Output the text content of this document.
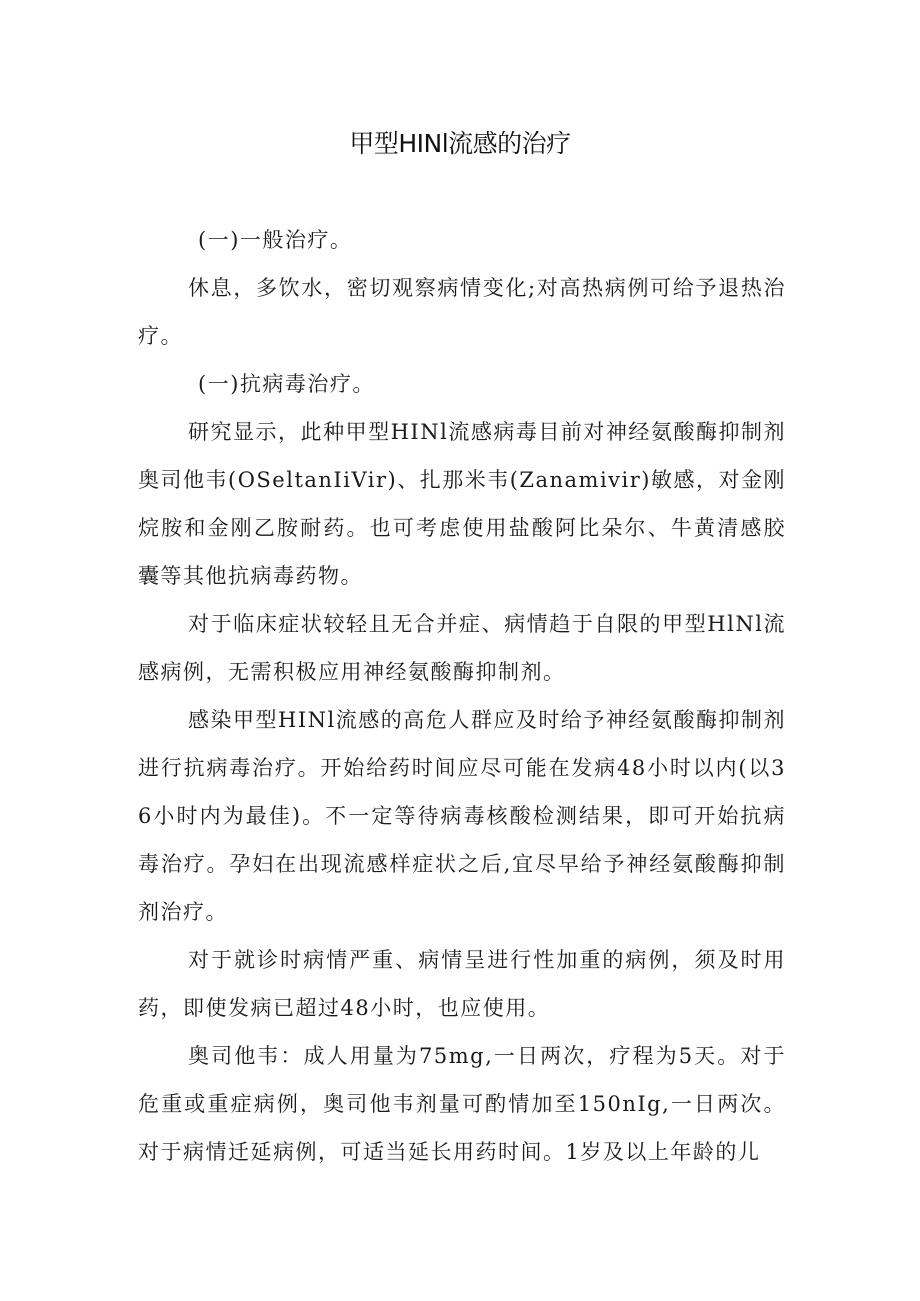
甲型HINl流感的治疗

(一)一般治疗。

休息，多饮水，密切观察病情变化;对高热病例可给予退热治疗。

(一)抗病毒治疗。

研究显示，此种甲型HINl流感病毒目前对神经氨酸酶抑制剂奥司他韦(OSeltanIiVir)、扎那米韦(Zanamivir)敏感，对金刚烷胺和金刚乙胺耐药。也可考虑使用盐酸阿比朵尔、牛黄清感胶囊等其他抗病毒药物。

对于临床症状较轻且无合并症、病情趋于自限的甲型HlNl流感病例，无需积极应用神经氨酸酶抑制剂。

感染甲型HINl流感的高危人群应及时给予神经氨酸酶抑制剂进行抗病毒治疗。开始给药时间应尽可能在发病48小时以内(以36小时内为最佳)。不一定等待病毒核酸检测结果，即可开始抗病毒治疗。孕妇在出现流感样症状之后,宜尽早给予神经氨酸酶抑制剂治疗。

对于就诊时病情严重、病情呈进行性加重的病例，须及时用药，即使发病已超过48小时，也应使用。

奥司他韦：成人用量为75mg,一日两次，疗程为5天。对于危重或重症病例，奥司他韦剂量可酌情加至150nIg,一日两次。对于病情迁延病例，可适当延长用药时间。1岁及以上年龄的儿
